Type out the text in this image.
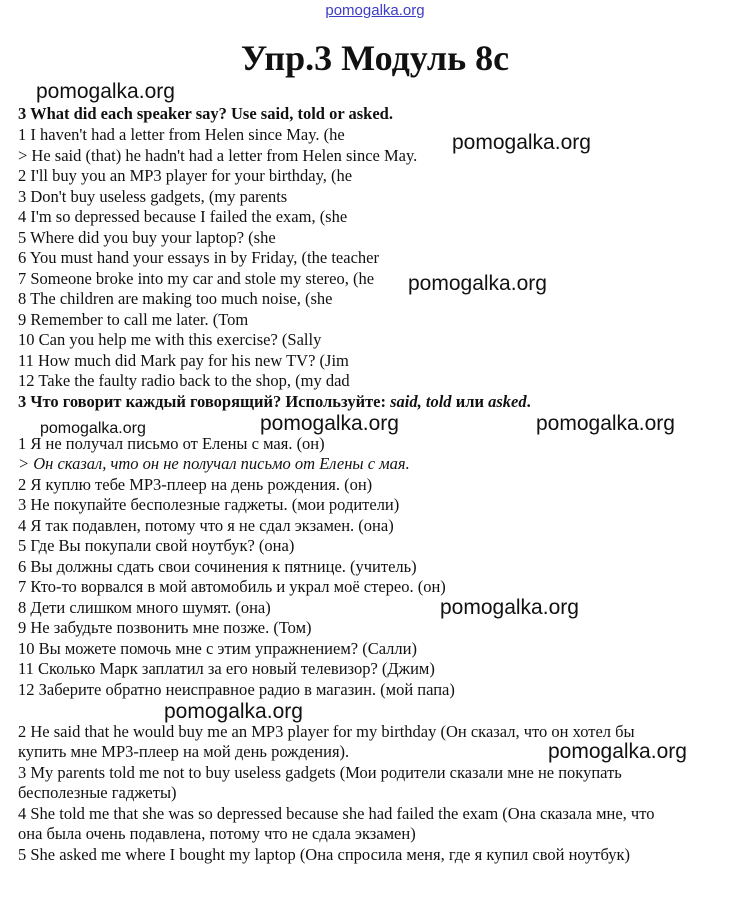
pomogalka.org
Упр.3 Модуль 8c
3 What did each speaker say? Use said, told or asked.
1 I haven't had a letter from Helen since May. (he
> He said (that) he hadn't had a letter from Helen since May.
2 I'll buy you an MP3 player for your birthday, (he
3 Don't buy useless gadgets, (my parents
4 I'm so depressed because I failed the exam, (she
5 Where did you buy your laptop? (she
6 You must hand your essays in by Friday, (the teacher
7 Someone broke into my car and stole my stereo, (he
8 The children are making too much noise, (she
9 Remember to call me later. (Tom
10 Can you help me with this exercise? (Sally
11 How much did Mark pay for his new TV? (Jim
12 Take the faulty radio back to the shop, (my dad
3 Что говорит каждый говорящий? Используйте: said, told или asked.
1 Я не получал письмо от Елены с мая. (он)
> Он сказал, что он не получал письмо от Елены с мая.
2 Я куплю тебе МР3-плеер на день рождения. (он)
3 Не покупайте бесполезные гаджеты. (мои родители)
4 Я так подавлен, потому что я не сдал экзамен. (она)
5 Где Вы покупали свой ноутбук? (она)
6 Вы должны сдать свои сочинения к пятнице. (учитель)
7 Кто-то ворвался в мой автомобиль и украл моё стерео. (он)
8 Дети слишком много шумят. (она)
9 Не забудьте позвонить мне позже. (Том)
10 Вы можете помочь мне с этим упражнением? (Салли)
11 Сколько Марк заплатил за его новый телевизор? (Джим)
12 Заберите обратно неисправное радио в магазин. (мой папа)
2 He said that he would buy me an MP3 player for my birthday (Он сказал, что он хотел бы
купить мне МР3-плеер на мой день рождения).
3 My parents told me not to buy useless gadgets (Мои родители сказали мне не покупать
бесполезные гаджеты)
4 She told me that she was so depressed because she had failed the exam (Она сказала мне, что
она была очень подавлена, потому что не сдала экзамен)
5 She asked me where I bought my laptop (Она спросила меня, где я купил свой ноутбук)
pomogalka.org
pomogalka.org
pomogalka.org
pomogalka.org	pomogalka.org
pomogalka.org
pomogalka.org
pomogalka.org
pomogalka.org
